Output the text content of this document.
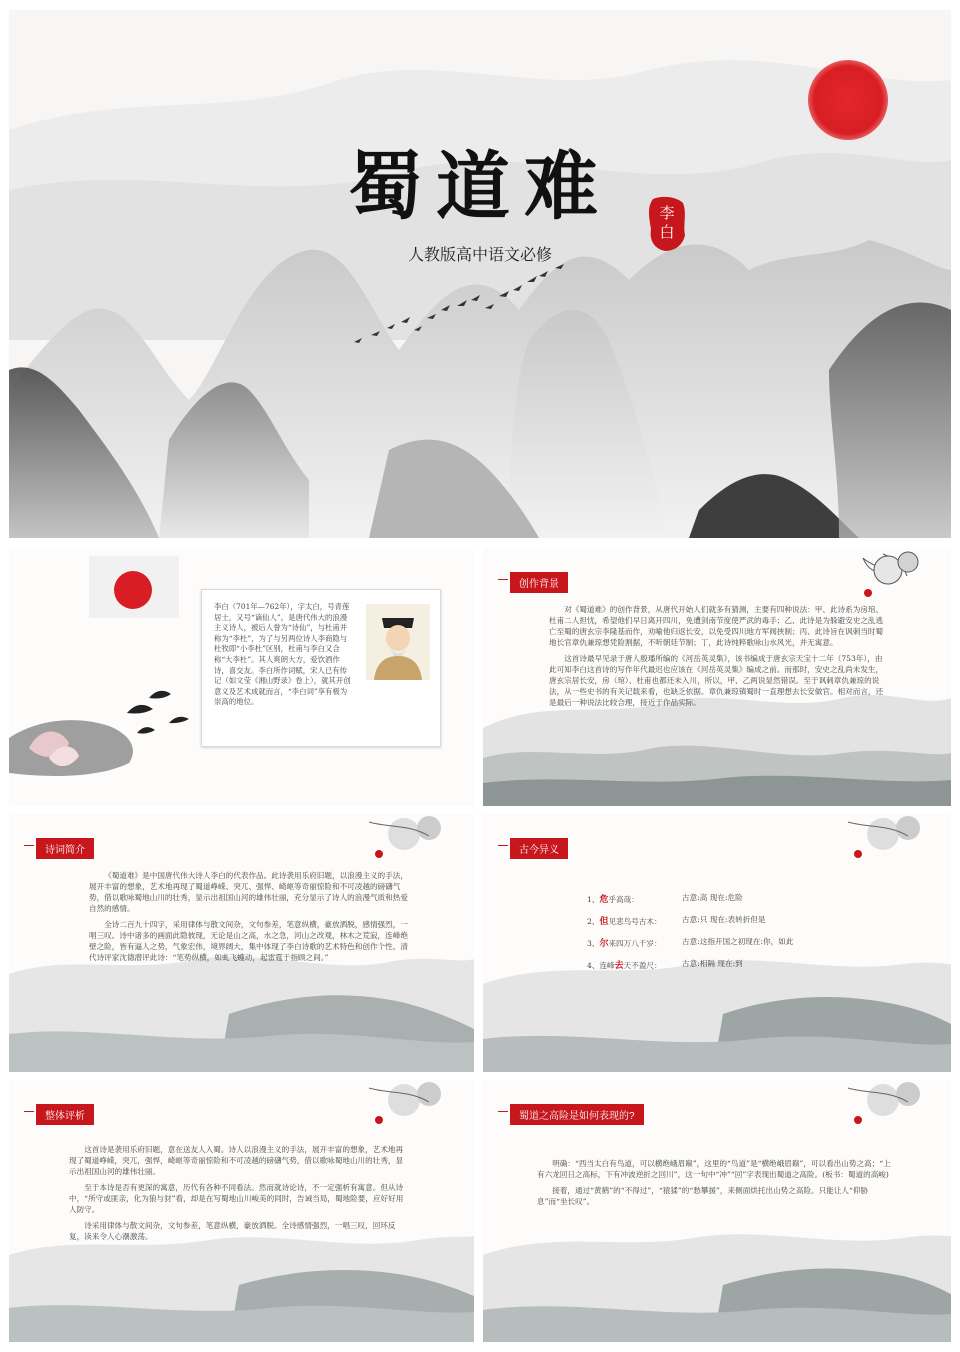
蜀道难
人教版高中语文必修
李白
李白（701年—762年），字太白，号青莲居士，又号“谪仙人”。是唐代伟大的浪漫主义诗人，被后人誉为“诗仙”，与杜甫并称为“李杜”，为了与另两位诗人李商隐与杜牧即“小李杜”区别，杜甫与李白又合称“大李杜”。其人爽朗大方，爱饮酒作诗，喜交友。李白所作词赋，宋人已有传记（如文莹《湘山野录》卷上），就其开创意义及艺术成就而言，“李白词”享有极为崇高的地位。
创作背景

对《蜀道难》的创作背景，从唐代开始人们就多有猜测，主要有四种说法：甲、此诗系为房琯、杜甫二人担忧，希望他们早日离开四川，免遭剑南节度使严武的毒手；乙、此诗是为躲避安史之乱逃亡至蜀的唐玄宗李隆基而作，劝喻他归返长安，以免受四川地方军阀挟制；丙、此诗旨在讽刺当时蜀地长官章仇兼琼想凭险割据，不听朝廷节制；丁，此诗纯粹歌咏山水风光，并无寓意。

这首诗最早见录于唐人殷璠所编的《河岳英灵集》，该书编成于唐玄宗天宝十二年（753年），由此可知李白这首诗的写作年代最迟也应该在《河岳英灵集》编成之前。而那时，安史之乱尚未发生，唐玄宗居长安，房（琯）、杜甫也都还未入川，所以，甲、乙两说显然错误。至于讽刺章仇兼琼的说法，从一些史书的有关记载来看，也缺乏依据。章仇兼琼镇蜀时一直理想去长安做官。相对而言，还是最后一种说法比较合理，接近于作品实际。

诗词简介

《蜀道难》是中国唐代伟大诗人李白的代表作品。此诗袭用乐府旧题，以浪漫主义的手法，展开丰富的想象，艺术地再现了蜀道峥嵘、突兀、强悍、崎岖等奇丽惊险和不可凌越的磅礴气势，借以歌咏蜀地山川的壮秀，显示出祖国山河的雄伟壮丽，充分显示了诗人的浪漫气质和热爱自然的感情。

全诗二百九十四字，采用律体与散文间杂，文句参差，笔意纵横，豪放洒脱，感情强烈，一唱三叹。诗中诸多的画面此隐彼现，无论是山之高，水之急，河山之改观，林木之荒寂，连峰绝壁之险，皆有逼人之势，气象宏伟，境界阔大，集中体现了李白诗歌的艺术特色和创作个性。清代诗评家沈德潜评此诗：“笔势纵横，如虬飞蠖动，起雷霆于指顾之间。”

古今异义
1、危乎高哉：	古意:高 现在:危险
2、但见悲鸟号古木：	古意:只 现在:表转折但是
3、尔来四万八千岁：	古意:这指开国之初现在:你，如此
4、连峰去天不盈尺：	古意:相隔 现在:到
整体评析

这首诗是袭用乐府旧题，意在送友人入蜀。诗人以浪漫主义的手法，展开丰富的想象，艺术地再现了蜀道峥嵘，突兀，强悍，崎岖等奇丽惊险和不可凌越的磅礴气势，借以歌咏蜀地山川的壮秀，显示出祖国山河的雄伟壮丽。

至于本诗是否有更深的寓意，历代有各种不同看法。然而就诗论诗，不一定强析有寓意。但从诗中，“所守或匪亲，化为狼与豺”看，却是在写蜀地山川峻美的同时，告诫当局，蜀地险要，应好好用人防守。

诗采用律体与散文间杂，文句参差，笔意纵横，豪放洒脱。全诗感情强烈，一唱三叹，回环反复，读来令人心潮激荡。

蜀道之高险是如何表现的?

明确：“西当太白有鸟道，可以横绝峨眉巅”，这里的“鸟道”是“横绝峨眉巅”，可以看出山势之高；“上有六龙回日之高标，下有冲波逆折之回川”，这一句中“冲”“回”字表现出蜀道之高险。(板书：蜀道的高峻)

接着，通过“黄鹤”的“不得过”，“猿猱”的“愁攀援”，来侧面烘托出山势之高险。只能让人“仰胁息”而“坐长叹”。
